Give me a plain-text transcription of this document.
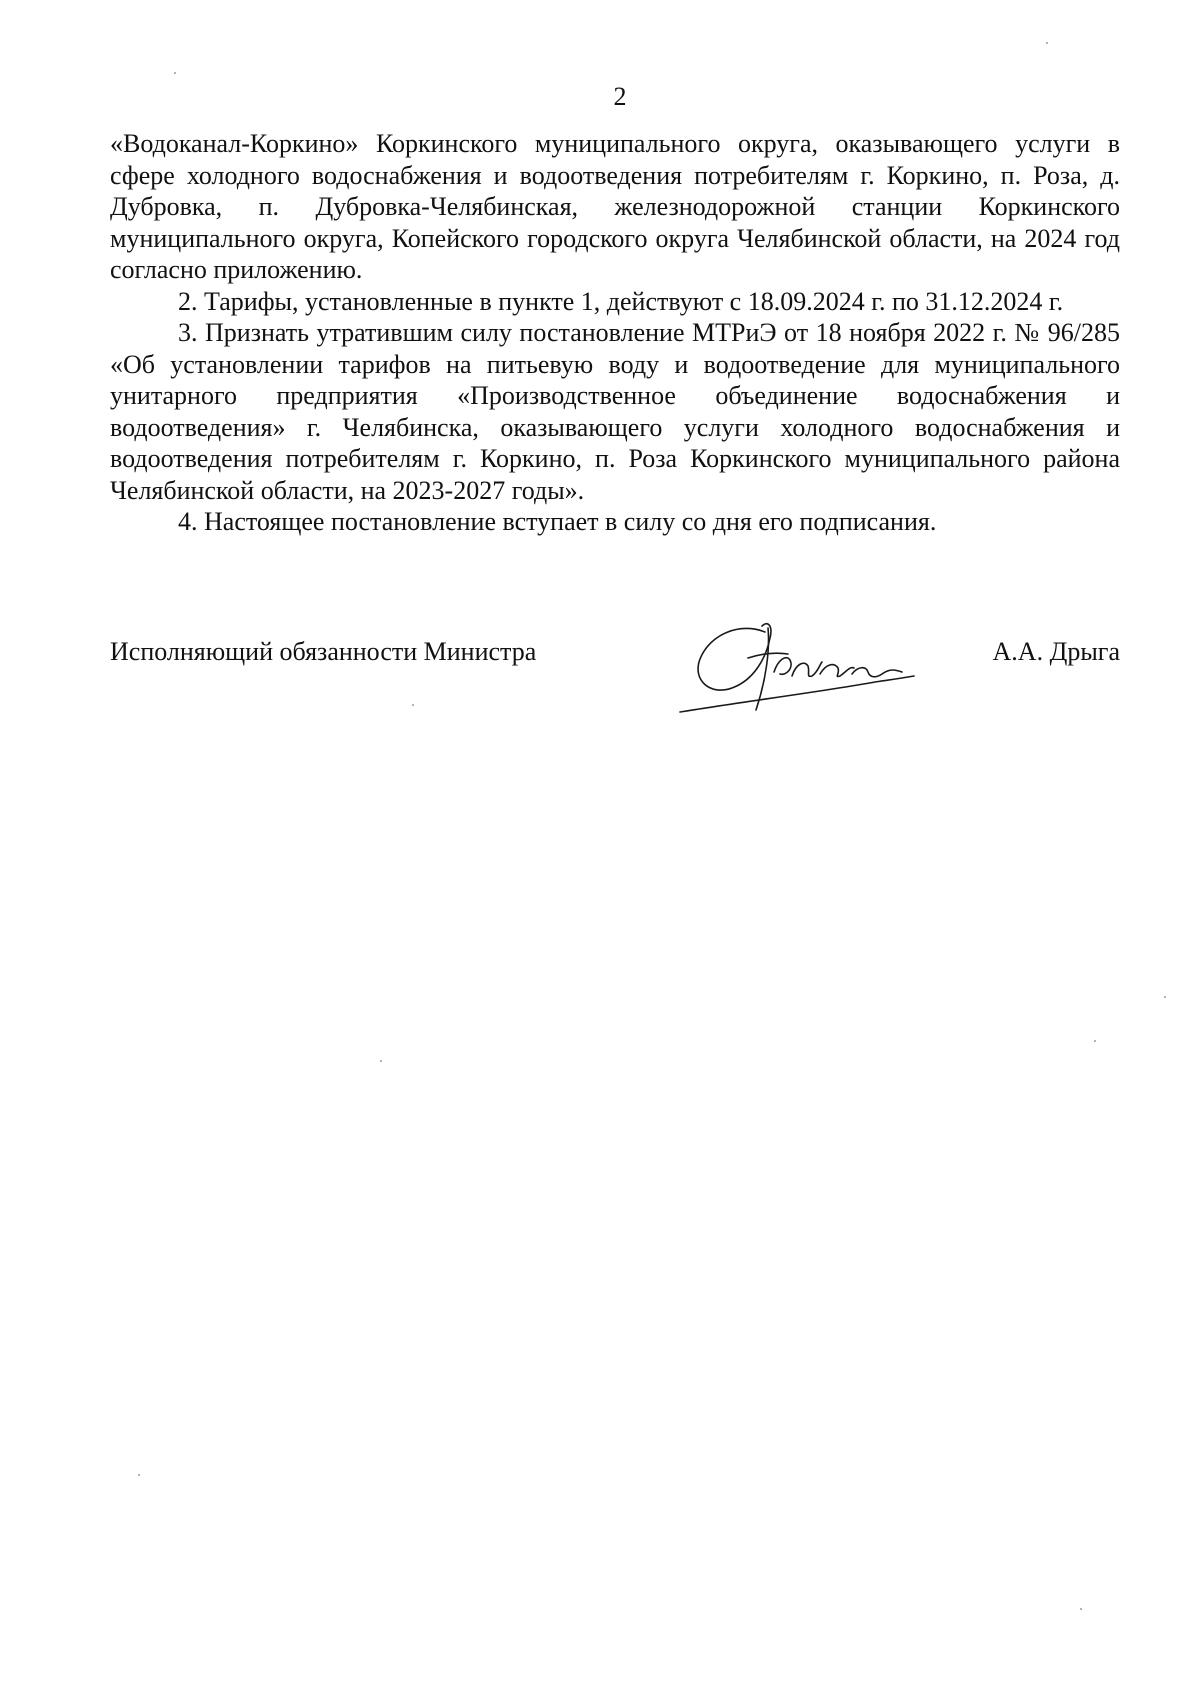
2

«Водоканал-Коркино» Коркинского муниципального округа, оказывающего услуги в сфере холодного водоснабжения и водоотведения потребителям г. Коркино, п. Роза, д. Дубровка, п. Дубровка-Челябинская, железнодорожной станции Коркинского муниципального округа, Копейского городского округа Челябинской области, на 2024 год согласно приложению.

2. Тарифы, установленные в пункте 1, действуют с 18.09.2024 г. по 31.12.2024 г.

3. Признать утратившим силу постановление МТРиЭ от 18 ноября 2022 г. № 96/285 «Об установлении тарифов на питьевую воду и водоотведение для муниципального унитарного предприятия «Производственное объединение водоснабжения и водоотведения» г. Челябинска, оказывающего услуги холодного водоснабжения и водоотведения потребителям г. Коркино, п. Роза Коркинского муниципального района Челябинской области, на 2023-2027 годы».

4. Настоящее постановление вступает в силу со дня его подписания.

Исполняющий обязанности Министра	А.А. Дрыга
